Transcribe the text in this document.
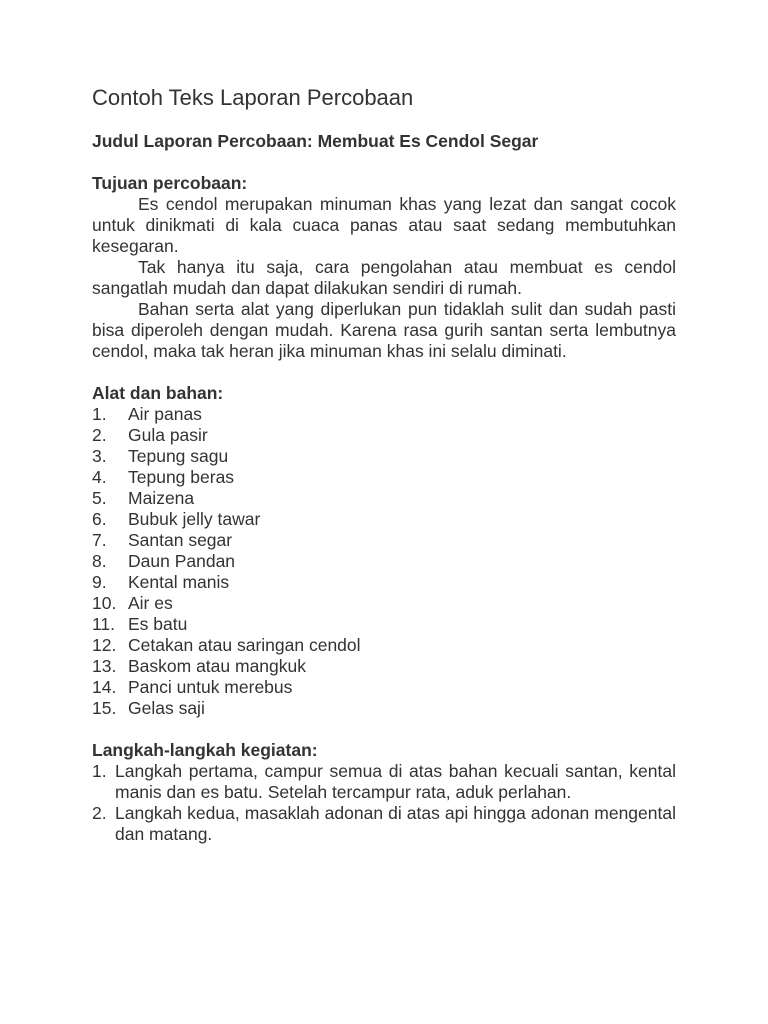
Contoh Teks Laporan Percobaan
Judul Laporan Percobaan: Membuat Es Cendol Segar
Tujuan percobaan:

Es cendol merupakan minuman khas yang lezat dan sangat cocok untuk dinikmati di kala cuaca panas atau saat sedang membutuhkan kesegaran.

Tak hanya itu saja, cara pengolahan atau membuat es cendol sangatlah mudah dan dapat dilakukan sendiri di rumah.

Bahan serta alat yang diperlukan pun tidaklah sulit dan sudah pasti bisa diperoleh dengan mudah. Karena rasa gurih santan serta lembutnya cendol, maka tak heran jika minuman khas ini selalu diminati.

Alat dan bahan:
1.	Air panas
2.	Gula pasir
3.	Tepung sagu
4.	Tepung beras
5.	Maizena
6.	Bubuk jelly tawar
7.	Santan segar
8.	Daun Pandan
9.	Kental manis
10. Air es
11. Es batu
12. Cetakan atau saringan cendol
13. Baskom atau mangkuk
14. Panci untuk merebus
15. Gelas saji
Langkah-langkah kegiatan:
1. Langkah pertama, campur semua di atas bahan kecuali santan, kental manis dan es batu. Setelah tercampur rata, aduk perlahan.
2. Langkah kedua, masaklah adonan di atas api hingga adonan mengental dan matang.
